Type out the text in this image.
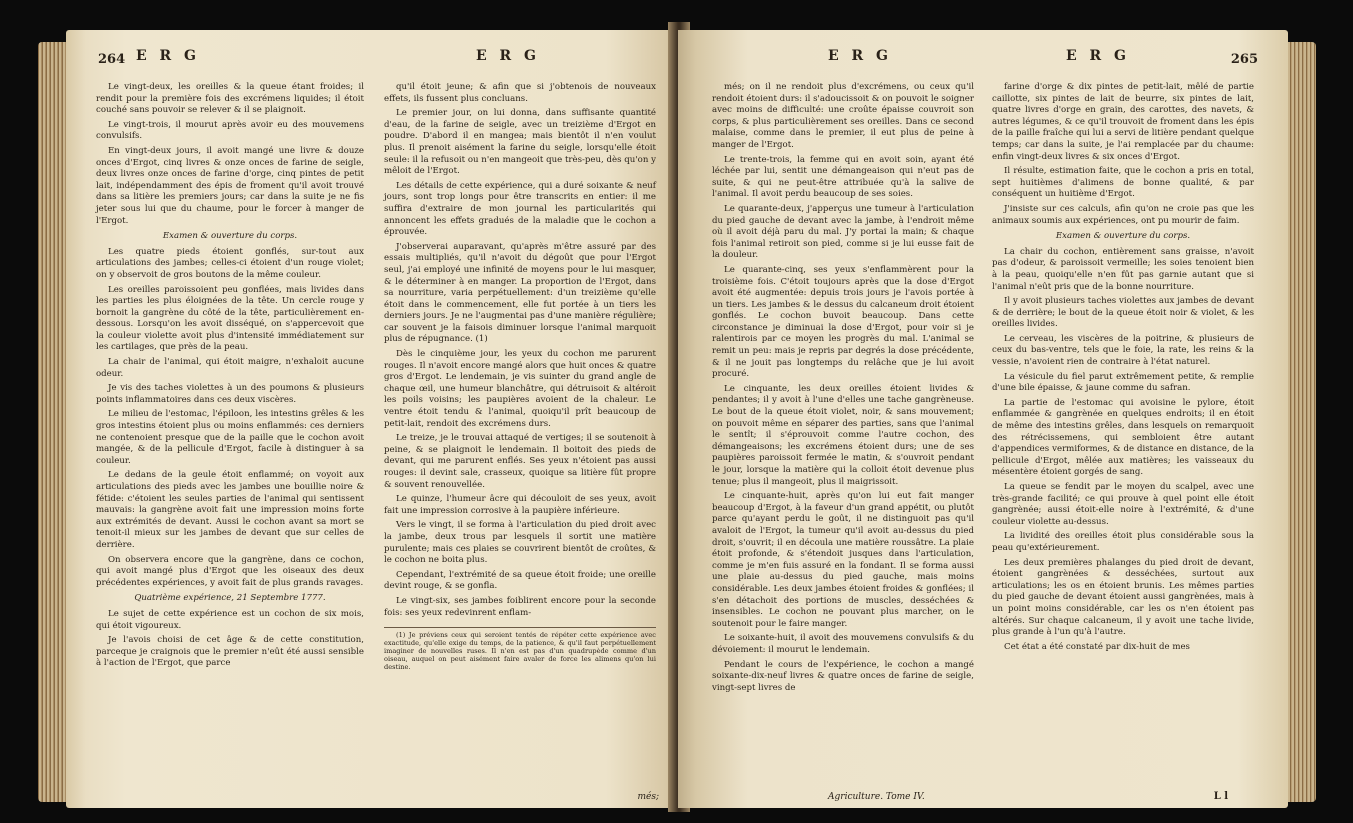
264 E R G	E R G

Le vingt-deux, les oreilles & la queue étant froides; il rendit pour la première fois des excrémens liquides; il étoit couché sans pouvoir se relever & il se plaignoit.

Le vingt-trois, il mourut après avoir eu des mouvemens convulsifs.

En vingt-deux jours, il avoit mangé une livre & douze onces d'Ergot, cinq livres & onze onces de farine de seigle, deux livres onze onces de farine d'orge, cinq pintes de petit lait, indépendamment des épis de froment qu'il avoit trouvé dans sa litière les premiers jours; car dans la suite je ne fis jeter sous lui que du chaume, pour le forcer à manger de l'Ergot.

Examen & ouverture du corps.

Les quatre pieds étoient gonflés, sur-tout aux articulations des jambes; celles-ci étoient d'un rouge violet; on y observoit de gros boutons de la même couleur.

Les oreilles paroissoient peu gonflées, mais livides dans les parties les plus éloignées de la tête. Un cercle rouge y bornoit la gangrène du côté de la tête, particulièrement en-dessous. Lorsqu'on les avoit disséqué, on s'appercevoit que la couleur violette avoit plus d'intensité immédiatement sur les cartilages, que près de la peau.

La chair de l'animal, qui étoit maigre, n'exhaloit aucune odeur.

Je vis des taches violettes à un des poumons & plusieurs points inflammatoires dans ces deux viscères.

Le milieu de l'estomac, l'épiloon, les intestins grêles & les gros intestins étoient plus ou moins enflammés: ces derniers ne contenoient presque que de la paille que le cochon avoit mangée, & de la pellicule d'Ergot, facile à distinguer à sa couleur.

Le dedans de la geule étoit enflammé; on voyoit aux articulations des pieds avec les jambes une bouillie noire & fétide: c'étoient les seules parties de l'animal qui sentissent mauvais: la gangrène avoit fait une impression moins forte aux extrémités de devant. Aussi le cochon avant sa mort se tenoit-il mieux sur les jambes de devant que sur celles de derrière.

On observera encore que la gangrène, dans ce cochon, qui avoit mangé plus d'Ergot que les oiseaux des deux précédentes expériences, y avoit fait de plus grands ravages.

Quatrième expérience, 21 Septembre 1777.

Le sujet de cette expérience est un cochon de six mois, qui étoit vigoureux.

Je l'avois choisi de cet âge & de cette constitution, parceque je craignois que le premier n'eût été aussi sensible à l'action de l'Ergot, que parce

qu'il étoit jeune; & afin que si j'obtenois de nouveaux effets, ils fussent plus concluans.

Le premier jour, on lui donna, dans suffisante quantité d'eau, de la farine de seigle, avec un treizième d'Ergot en poudre. D'abord il en mangea; mais bientôt il n'en voulut plus. Il prenoit aisément la farine du seigle, lorsqu'elle étoit seule: il la refusoit ou n'en mangeoit que très-peu, dès qu'on y mêloit de l'Ergot.

Les détails de cette expérience, qui a duré soixante & neuf jours, sont trop longs pour être transcrits en entier: il me suffira d'extraire de mon journal les particularités qui annoncent les effets gradués de la maladie que le cochon a éprouvée.

J'observerai auparavant, qu'après m'être assuré par des essais multipliés, qu'il n'avoit du dégoût que pour l'Ergot seul, j'ai employé une infinité de moyens pour le lui masquer, & le déterminer à en manger. La proportion de l'Ergot, dans sa nourriture, varia perpétuellement: d'un treizième qu'elle étoit dans le commencement, elle fut portée à un tiers les derniers jours. Je ne l'augmentai pas d'une manière régulière; car souvent je la faisois diminuer lorsque l'animal marquoit plus de répugnance. (1)

Dès le cinquième jour, les yeux du cochon me parurent rouges. Il n'avoit encore mangé alors que huit onces & quatre gros d'Ergot. Le lendemain, je vis suinter du grand angle de chaque œil, une humeur blanchâtre, qui détruisoit & altéroit les poils voisins; les paupières avoient de la chaleur. Le ventre étoit tendu & l'animal, quoiqu'il prît beaucoup de petit-lait, rendoit des excrémens durs.

Le treize, je le trouvai attaqué de vertiges; il se soutenoit à peine, & se plaignoit le lendemain. Il boitoit des pieds de devant, qui me parurent enflés. Ses yeux n'étoient pas aussi rouges: il devint sale, crasseux, quoique sa litière fût propre & souvent renouvellée.

Le quinze, l'humeur âcre qui découloit de ses yeux, avoit fait une impression corrosive à la paupière inférieure.

Vers le vingt, il se forma à l'articulation du pied droit avec la jambe, deux trous par lesquels il sortit une matière purulente; mais ces plaies se couvrirent bientôt de croûtes, & le cochon ne boita plus.

Cependant, l'extrémité de sa queue étoit froide; une oreille devint rouge, & se gonfla.

Le vingt-six, ses jambes foiblirent encore pour la seconde fois: ses yeux redevinrent enflam-

(1) Je préviens ceux qui seroient tentés de répéter cette expérience avec exactitude, qu'elle exige du temps, de la patience, & qu'il faut perpétuellement imaginer de nouvelles ruses. Il n'en est pas d'un quadrupède comme d'un oiseau, auquel on peut aisément faire avaler de force les alimens qu'on lui destine.

més;
E R G	E R G	265

més; on il ne rendoit plus d'excrémens, ou ceux qu'il rendoit étoient durs: il s'adoucissoit & on pouvoit le soigner avec moins de difficulté: une croûte épaisse couvroit son corps, & plus particulièrement ses oreilles. Dans ce second malaise, comme dans le premier, il eut plus de peine à manger de l'Ergot.

Le trente-trois, la femme qui en avoit soin, ayant été léchée par lui, sentit une démangeaison qui n'eut pas de suite, & qui ne peut-être attribuée qu'à la salive de l'animal. Il avoit perdu beaucoup de ses soies.

Le quarante-deux, j'apperçus une tumeur à l'articulation du pied gauche de devant avec la jambe, à l'endroit même où il avoit déjà paru du mal. J'y portai la main; & chaque fois l'animal retiroit son pied, comme si je lui eusse fait de la douleur.

Le quarante-cinq, ses yeux s'enflammèrent pour la troisième fois. C'étoit toujours après que la dose d'Ergot avoit été augmentée: depuis trois jours je l'avois portée à un tiers. Les jambes & le dessus du calcaneum droit étoient gonflés. Le cochon buvoit beaucoup. Dans cette circonstance je diminuai la dose d'Ergot, pour voir si je ralentirois par ce moyen les progrès du mal. L'animal se remit un peu: mais je repris par degrés la dose précédente, & il ne jouit pas longtemps du relâche que je lui avoit procuré.

Le cinquante, les deux oreilles étoient livides & pendantes; il y avoit à l'une d'elles une tache gangrèneuse. Le bout de la queue étoit violet, noir, & sans mouvement; on pouvoit même en séparer des parties, sans que l'animal le sentît; il s'éprouvoit comme l'autre cochon, des démangeaisons; les excrémens étoient durs; une de ses paupières paroissoit fermée le matin, & s'ouvroit pendant le jour, lorsque la matière qui la colloit étoit devenue plus tenue; plus il mangeoit, plus il maigrissoit.

Le cinquante-huit, après qu'on lui eut fait manger beaucoup d'Ergot, à la faveur d'un grand appétit, ou plutôt parce qu'ayant perdu le goût, il ne distinguoit pas qu'il avaloit de l'Ergot, la tumeur qu'il avoit au-dessus du pied droit, s'ouvrit; il en découla une matière roussâtre. La plaie étoit profonde, & s'étendoit jusques dans l'articulation, comme je m'en fuis assuré en la fondant. Il se forma aussi une plaie au-dessus du pied gauche, mais moins considérable. Les deux jambes étoient froides & gonflées; il s'en détachoit des portions de muscles, desséchées & insensibles. Le cochon ne pouvant plus marcher, on le soutenoit pour le faire manger.

Le soixante-huit, il avoit des mouvemens convulsifs & du dévoiement: il mourut le lendemain.

Pendant le cours de l'expérience, le cochon a mangé soixante-dix-neuf livres & quatre onces de farine de seigle, vingt-sept livres de

farine d'orge & dix pintes de petit-lait, mêlé de partie caillotte, six pintes de lait de beurre, six pintes de lait, quatre livres d'orge en grain, des carottes, des navets, & autres légumes, & ce qu'il trouvoit de froment dans les épis de la paille fraîche qui lui a servi de litière pendant quelque temps; car dans la suite, je l'ai remplacée par du chaume: enfin vingt-deux livres & six onces d'Ergot.

Il résulte, estimation faite, que le cochon a pris en total, sept huitièmes d'alimens de bonne qualité, & par conséquent un huitième d'Ergot.

J'insiste sur ces calculs, afin qu'on ne croie pas que les animaux soumis aux expériences, ont pu mourir de faim.

Examen & ouverture du corps.

La chair du cochon, entièrement sans graisse, n'avoit pas d'odeur, & paroissoit vermeille; les soies tenoient bien à la peau, quoiqu'elle n'en fût pas garnie autant que si l'animal n'eût pris que de la bonne nourriture.

Il y avoit plusieurs taches violettes aux jambes de devant & de derrière; le bout de la queue étoit noir & violet, & les oreilles livides.

Le cerveau, les viscères de la poitrine, & plusieurs de ceux du bas-ventre, tels que le foie, la rate, les reins & la vessie, n'avoient rien de contraire à l'état naturel.

La vésicule du fiel parut extrêmement petite, & remplie d'une bile épaisse, & jaune comme du safran.

La partie de l'estomac qui avoisine le pylore, étoit enflammée & gangrènée en quelques endroits; il en étoit de même des intestins grêles, dans lesquels on remarquoit des rétrécissemens, qui sembloient être autant d'appendices vermiformes, & de distance en distance, de la pellicule d'Ergot, mêlée aux matières; les vaisseaux du mésentère étoient gorgés de sang.

La queue se fendit par le moyen du scalpel, avec une très-grande facilité; ce qui prouve à quel point elle étoit gangrènée; aussi étoit-elle noire à l'extrémité, & d'une couleur violette au-dessus.

La lividité des oreilles étoit plus considérable sous la peau qu'extérieurement.

Les deux premières phalanges du pied droit de devant, étoient gangrènées & desséchées, surtout aux articulations; les os en étoient brunis. Les mêmes parties du pied gauche de devant étoient aussi gangrènées, mais à un point moins considérable, car les os n'en étoient pas altérés. Sur chaque calcaneum, il y avoit une tache livide, plus grande à l'un qu'à l'autre.

Cet état a été constaté par dix-huit de mes

Agriculture. Tome IV.	L l
